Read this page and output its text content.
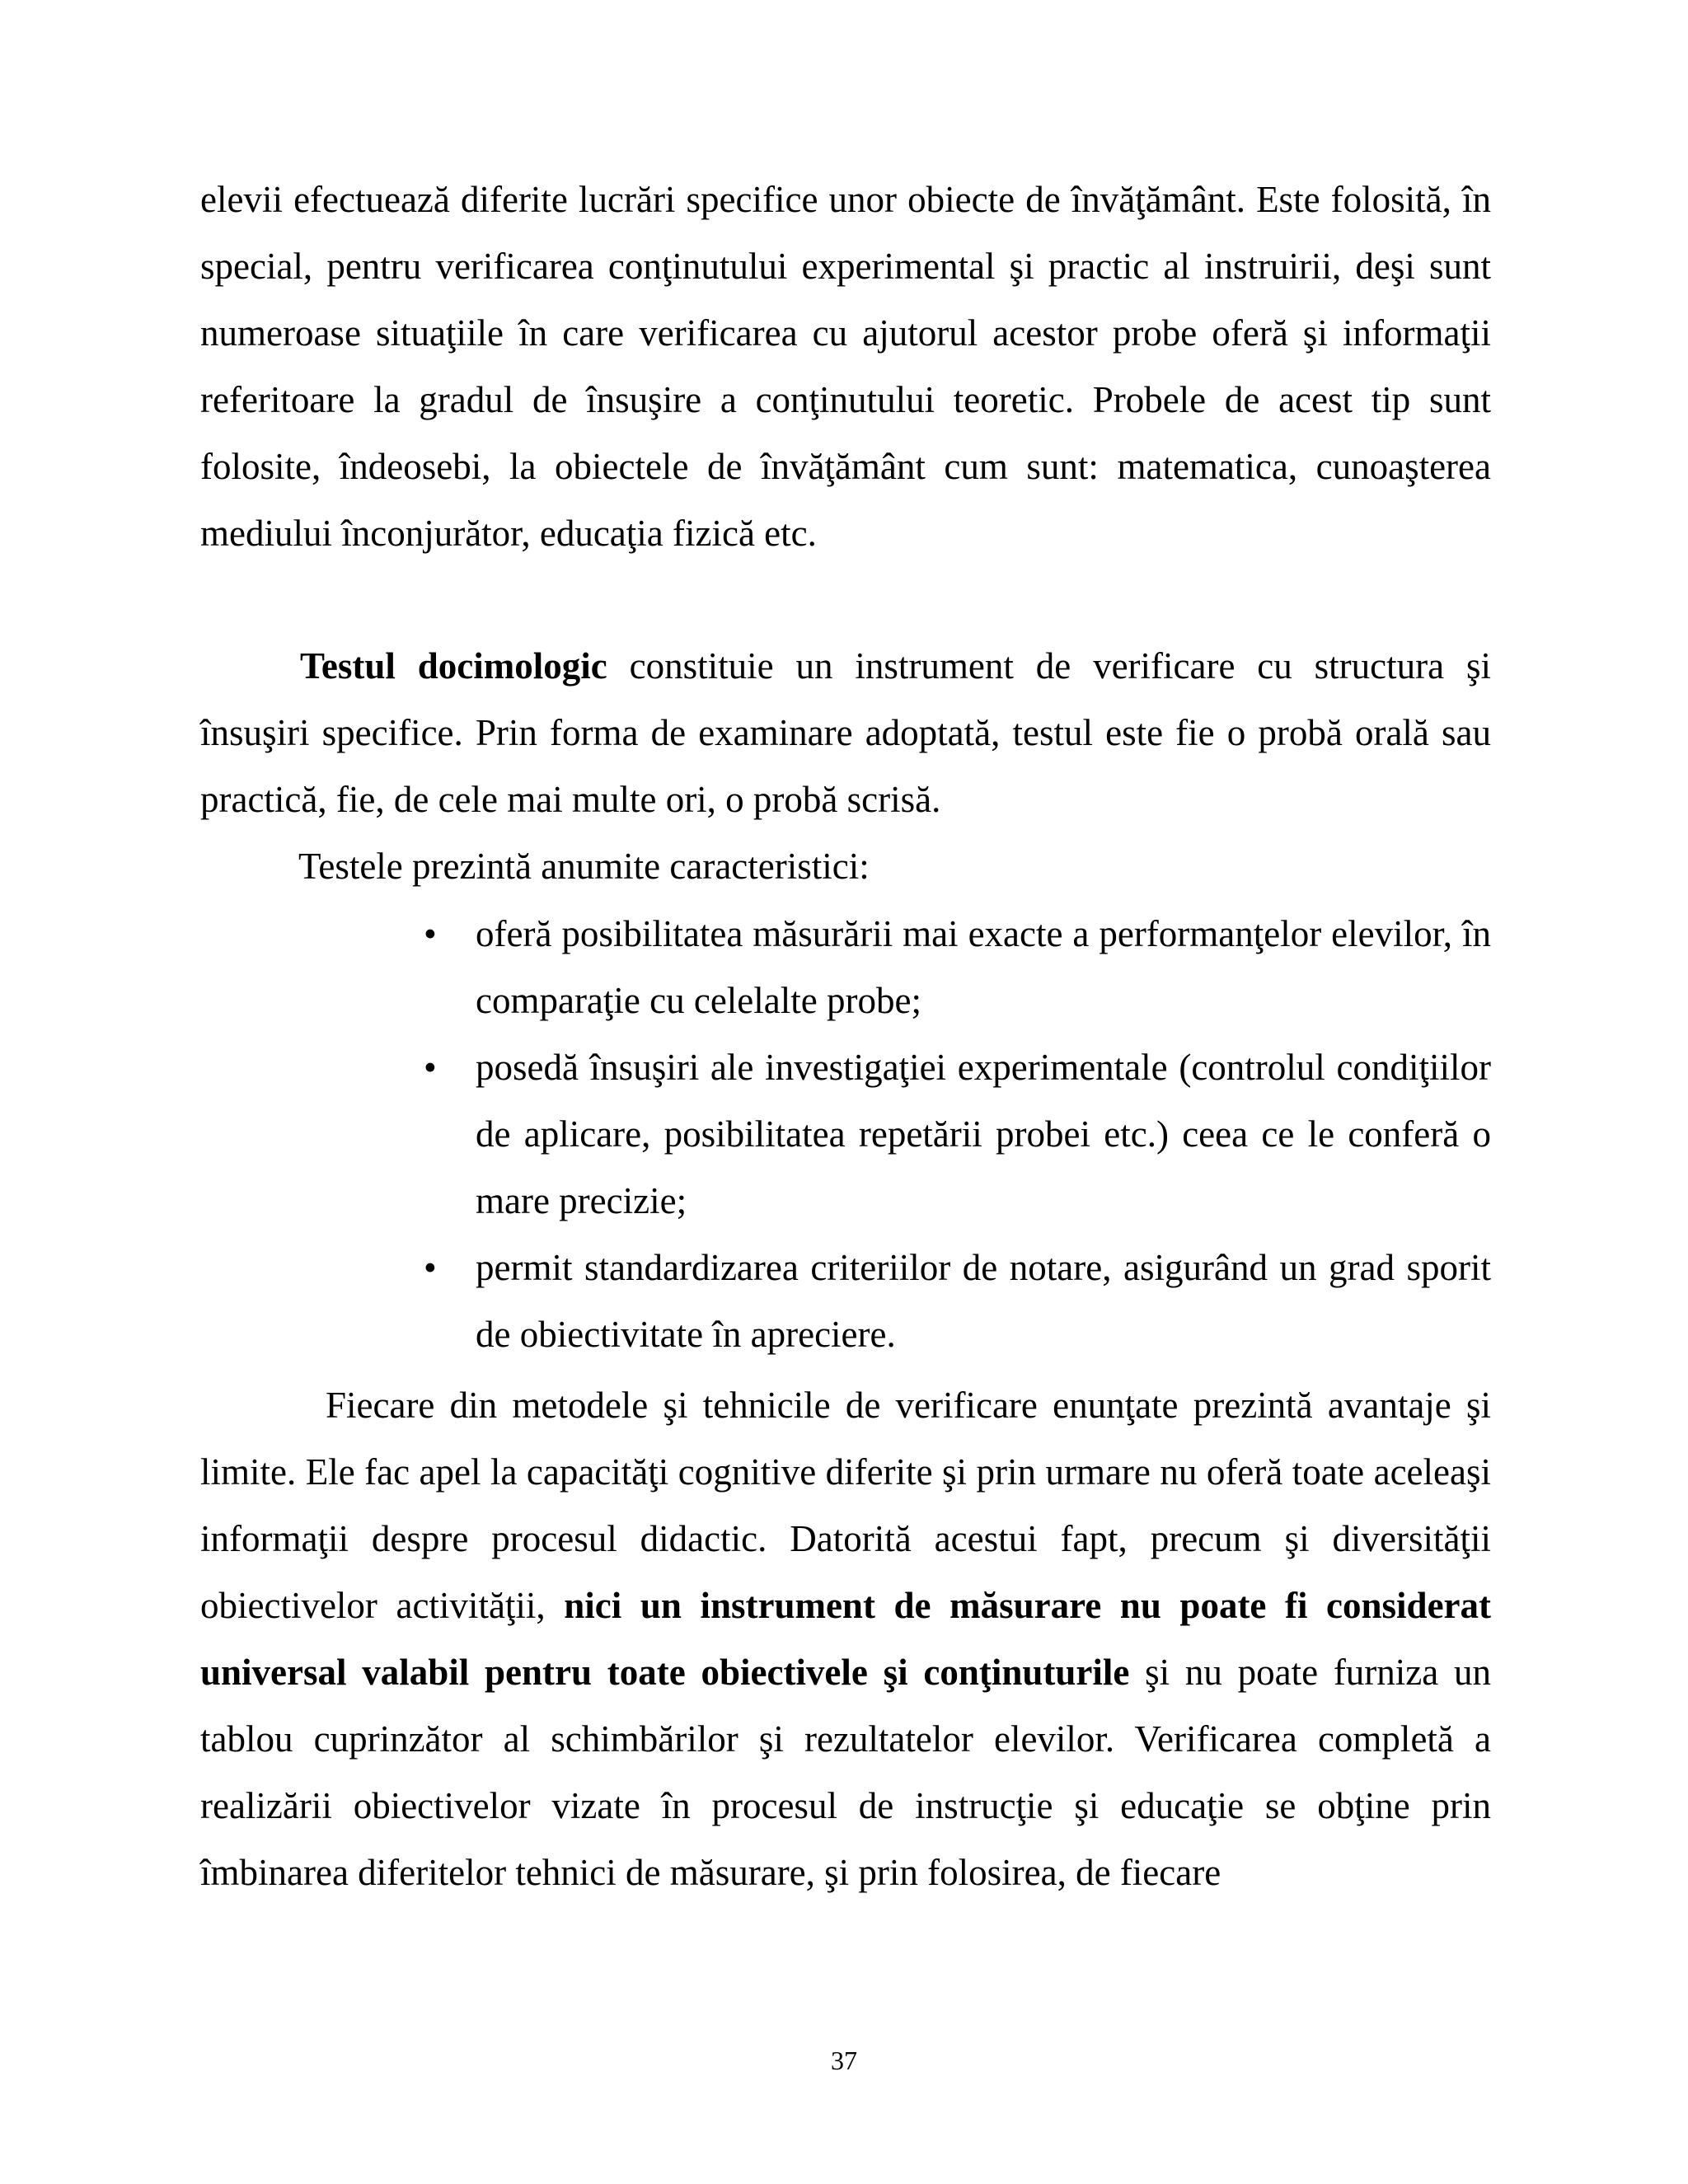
elevii efectuează diferite lucrări specifice unor obiecte de învăţământ. Este folosită, în special, pentru verificarea conţinutului experimental şi practic al instruirii, deşi sunt numeroase situaţiile în care verificarea cu ajutorul acestor probe oferă şi informaţii referitoare la gradul de însuşire a conţinutului teoretic. Probele de acest tip sunt folosite, îndeosebi, la obiectele de învăţământ cum sunt: matematica, cunoaşterea mediului înconjurător, educaţia fizică etc.

Testul docimologic constituie un instrument de verificare cu structura şi însuşiri specifice. Prin forma de examinare adoptată, testul este fie o probă orală sau practică, fie, de cele mai multe ori, o probă scrisă.

Testele prezintă anumite caracteristici:

• oferă posibilitatea măsurării mai exacte a performanţelor elevilor, în comparaţie cu celelalte probe;
• posedă însuşiri ale investigaţiei experimentale (controlul condiţiilor de aplicare, posibilitatea repetării probei etc.) ceea ce le conferă o mare precizie;
• permit standardizarea criteriilor de notare, asigurând un grad sporit de obiectivitate în apreciere.

Fiecare din metodele şi tehnicile de verificare enunţate prezintă avantaje şi limite. Ele fac apel la capacităţi cognitive diferite şi prin urmare nu oferă toate aceleaşi informaţii despre procesul didactic. Datorită acestui fapt, precum şi diversităţii obiectivelor activităţii, nici un instrument de măsurare nu poate fi considerat universal valabil pentru toate obiectivele şi conţinuturile şi nu poate furniza un tablou cuprinzător al schimbărilor şi rezultatelor elevilor. Verificarea completă a realizării obiectivelor vizate în procesul de instrucţie şi educaţie se obţine prin îmbinarea diferitelor tehnici de măsurare, şi prin folosirea, de fiecare

37
